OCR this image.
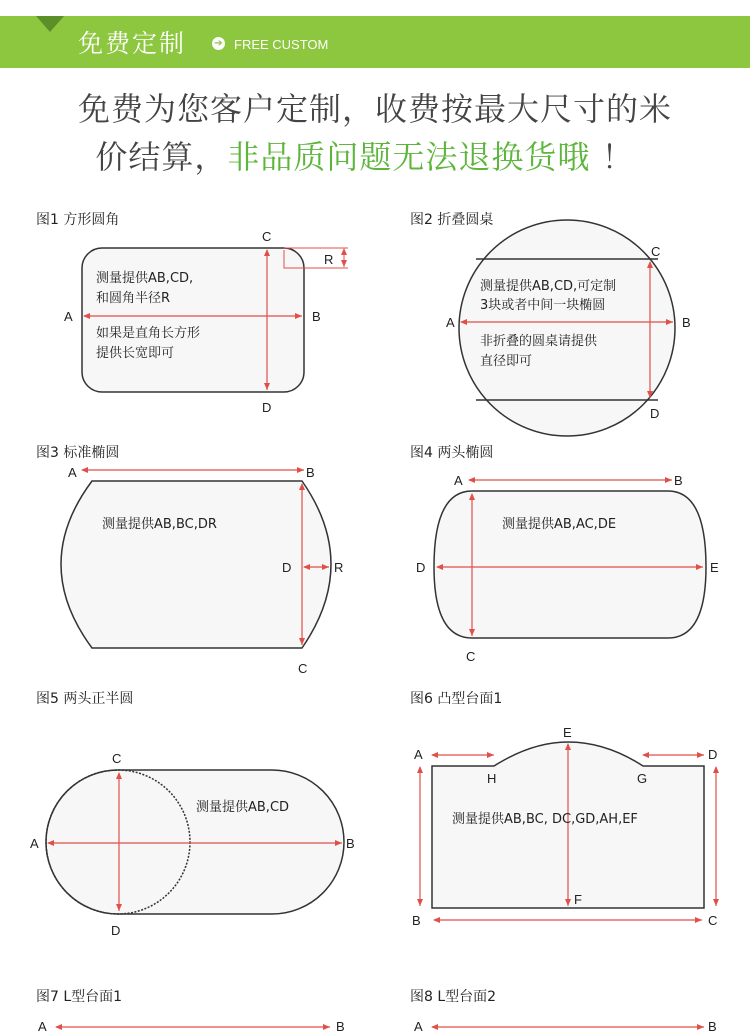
免费定制	➔ FREE CUSTOM
免费为您客户定制，收费按最大尺寸的米
价结算，非品质问题无法退换货哦 ！
图1 方形圆角	图2 折叠圆桌
图3 标准椭圆	图4 两头椭圆
图5 两头正半圆	图6 凸型台面1
图7 L型台面1	图8 L型台面2
测量提供AB,CD,
和圆角半径R
如果是直角长方形
提供长宽即可
A	B
C
D
R
测量提供AB,CD,可定制
3块或者中间一块椭圆
非折叠的圆桌请提供
直径即可
A	B
C
D
测量提供AB,BC,DR
A	B
C
D	R
测量提供AB,AC,DE
A	B
C
D	E
测量提供AB,CD
A	B
C
D
测量提供AB,BC, DC,GD,AH,EF
A
B	C
D
E
F
G
H
A	B	A	B
